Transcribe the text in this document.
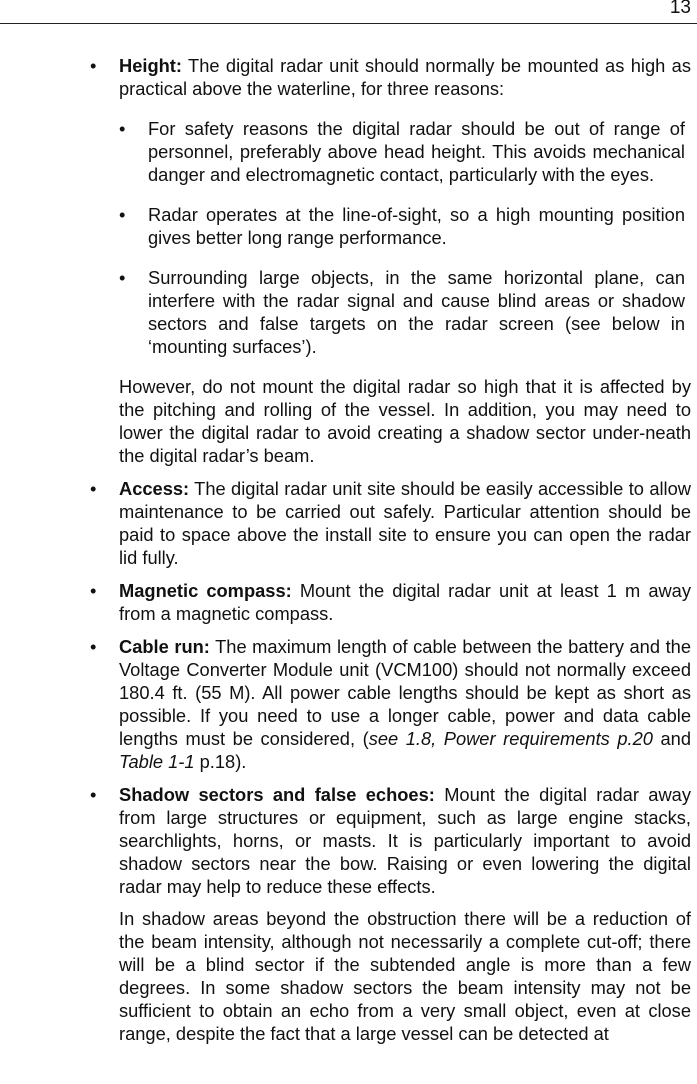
13
• Height: The digital radar unit should normally be mounted as high as practical above the waterline, for three reasons:

• For safety reasons the digital radar should be out of range of personnel, preferably above head height. This avoids mechanical danger and electromagnetic contact, particularly with the eyes.

• Radar operates at the line-of-sight, so a high mounting position gives better long range performance.

• Surrounding large objects, in the same horizontal plane, can interfere with the radar signal and cause blind areas or shadow sectors and false targets on the radar screen (see below in ‘mounting surfaces’).

However, do not mount the digital radar so high that it is affected by the pitching and rolling of the vessel. In addition, you may need to lower the digital radar to avoid creating a shadow sector under-neath the digital radar’s beam.

• Access: The digital radar unit site should be easily accessible to allow maintenance to be carried out safely. Particular attention should be paid to space above the install site to ensure you can open the radar lid fully.

• Magnetic compass: Mount the digital radar unit at least 1 m away from a magnetic compass.

• Cable run: The maximum length of cable between the battery and the Voltage Converter Module unit (VCM100) should not normally exceed 180.4 ft. (55 M). All power cable lengths should be kept as short as possible. If you need to use a longer cable, power and data cable lengths must be considered, (see 1.8, Power requirements p.20 and Table 1-1 p.18).

• Shadow sectors and false echoes: Mount the digital radar away from large structures or equipment, such as large engine stacks, searchlights, horns, or masts. It is particularly important to avoid shadow sectors near the bow. Raising or even lowering the digital radar may help to reduce these effects.

In shadow areas beyond the obstruction there will be a reduction of the beam intensity, although not necessarily a complete cut-off; there will be a blind sector if the subtended angle is more than a few degrees. In some shadow sectors the beam intensity may not be sufficient to obtain an echo from a very small object, even at close range, despite the fact that a large vessel can be detected at
